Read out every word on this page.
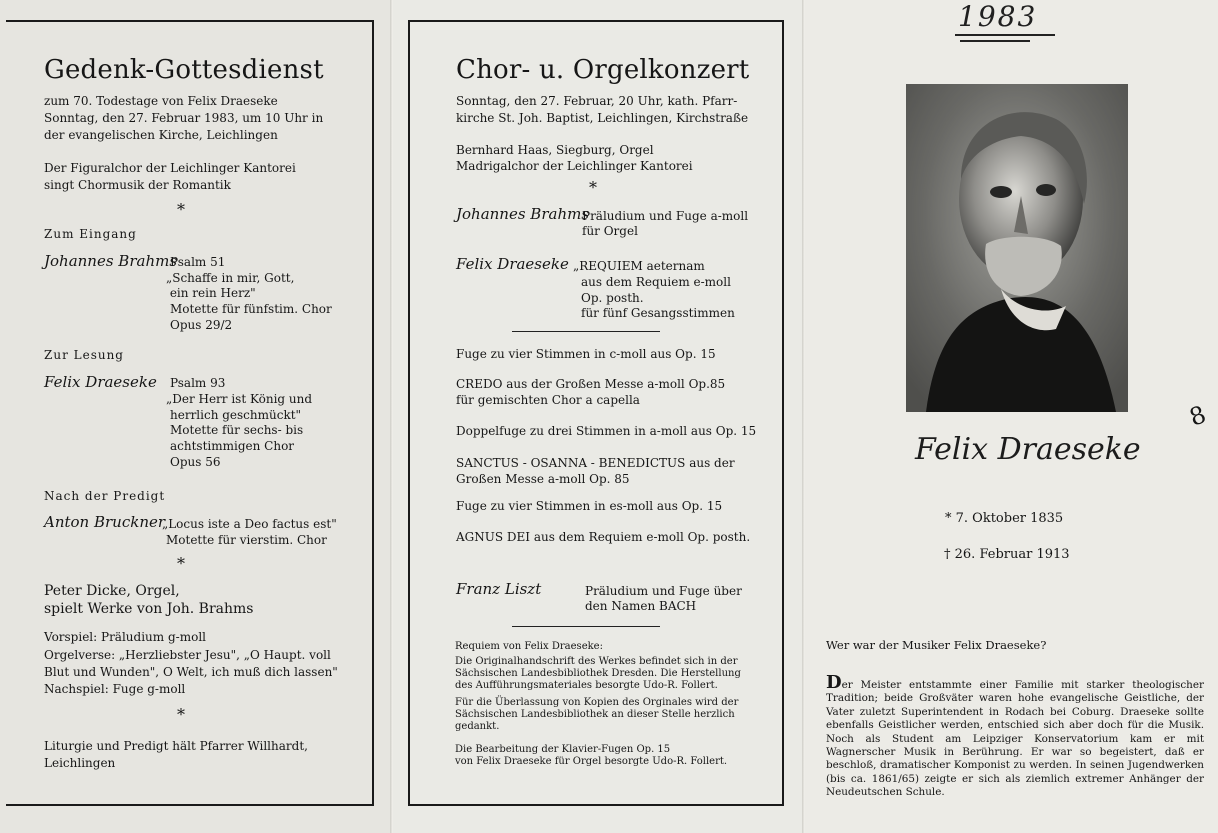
Gedenk-Gottesdienst
zum 70. Todestage von Felix Draeseke
Sonntag, den 27. Februar 1983, um 10 Uhr in
der evangelischen Kirche, Leichlingen
Der Figuralchor der Leichlinger Kantorei
singt Chormusik der Romantik
*
Zum Eingang
Johannes Brahms
Psalm 51
„Schaffe in mir, Gott,
ein rein Herz"
Motette für fünfstim. Chor
Opus 29/2
Zur Lesung
Felix Draeseke Psalm 93
„Der Herr ist König und
herrlich geschmückt"
Motette für sechs- bis
achtstimmigen Chor
Opus 56
Nach der Predigt
Anton Bruckner
„Locus iste a Deo factus est"
Motette für vierstim. Chor
*
Peter Dicke, Orgel,
spielt Werke von Joh. Brahms
Vorspiel: Präludium g-moll
Orgelverse: „Herzliebster Jesu", „O Haupt. voll
Blut und Wunden", O Welt, ich muß dich lassen"
Nachspiel: Fuge g-moll
*
Liturgie und Predigt hält Pfarrer Willhardt,
Leichlingen
Chor- u. Orgelkonzert
Sonntag, den 27. Februar, 20 Uhr, kath. Pfarr-
kirche St. Joh. Baptist, Leichlingen, Kirchstraße
Bernhard Haas, Siegburg, Orgel
Madrigalchor der Leichlinger Kantorei
*
Johannes Brahms
Präludium und Fuge a-moll
für Orgel
Felix Draeseke „REQUIEM aeternam
aus dem Requiem e-moll
Op. posth.
für fünf Gesangsstimmen
Fuge zu vier Stimmen in c-moll aus Op. 15
CREDO aus der Großen Messe a-moll Op.85
für gemischten Chor a capella
Doppelfuge zu drei Stimmen in a-moll aus Op. 15
SANCTUS - OSANNA - BENEDICTUS aus der
Großen Messe a-moll Op. 85
Fuge zu vier Stimmen in es-moll aus Op. 15
AGNUS DEI aus dem Requiem e-moll Op. posth.
Franz Liszt	Präludium und Fuge über
den Namen BACH
Requiem von Felix Draeseke:
Die Originalhandschrift des Werkes befindet sich in der
Sächsischen Landesbibliothek Dresden. Die Herstellung
des Aufführungsmateriales besorgte Udo-R. Follert.
Für die Überlassung von Kopien des Orginales wird der
Sächsischen Landesbibliothek an dieser Stelle herzlich
gedankt.
Die Bearbeitung der Klavier-Fugen Op. 15
von Felix Draeseke für Orgel besorgte Udo-R. Follert.
1983
Felix Draeseke
8
* 7. Oktober 1835
† 26. Februar 1913
Wer war der Musiker Felix Draeseke?
Der Meister entstammte einer Familie mit starker theologischer Tradition; beide Großväter waren hohe evangelische Geistliche, der Vater zuletzt Superintendent in Rodach bei Coburg. Draeseke sollte ebenfalls Geistlicher werden, entschied sich aber doch für die Musik. Noch als Student am Leipziger Konservatorium kam er mit Wagnerscher Musik in Berührung. Er war so begeistert, daß er beschloß, dramatischer Komponist zu werden. In seinen Jugendwerken (bis ca. 1861/65) zeigte er sich als ziemlich extremer Anhänger der Neudeutschen Schule.
